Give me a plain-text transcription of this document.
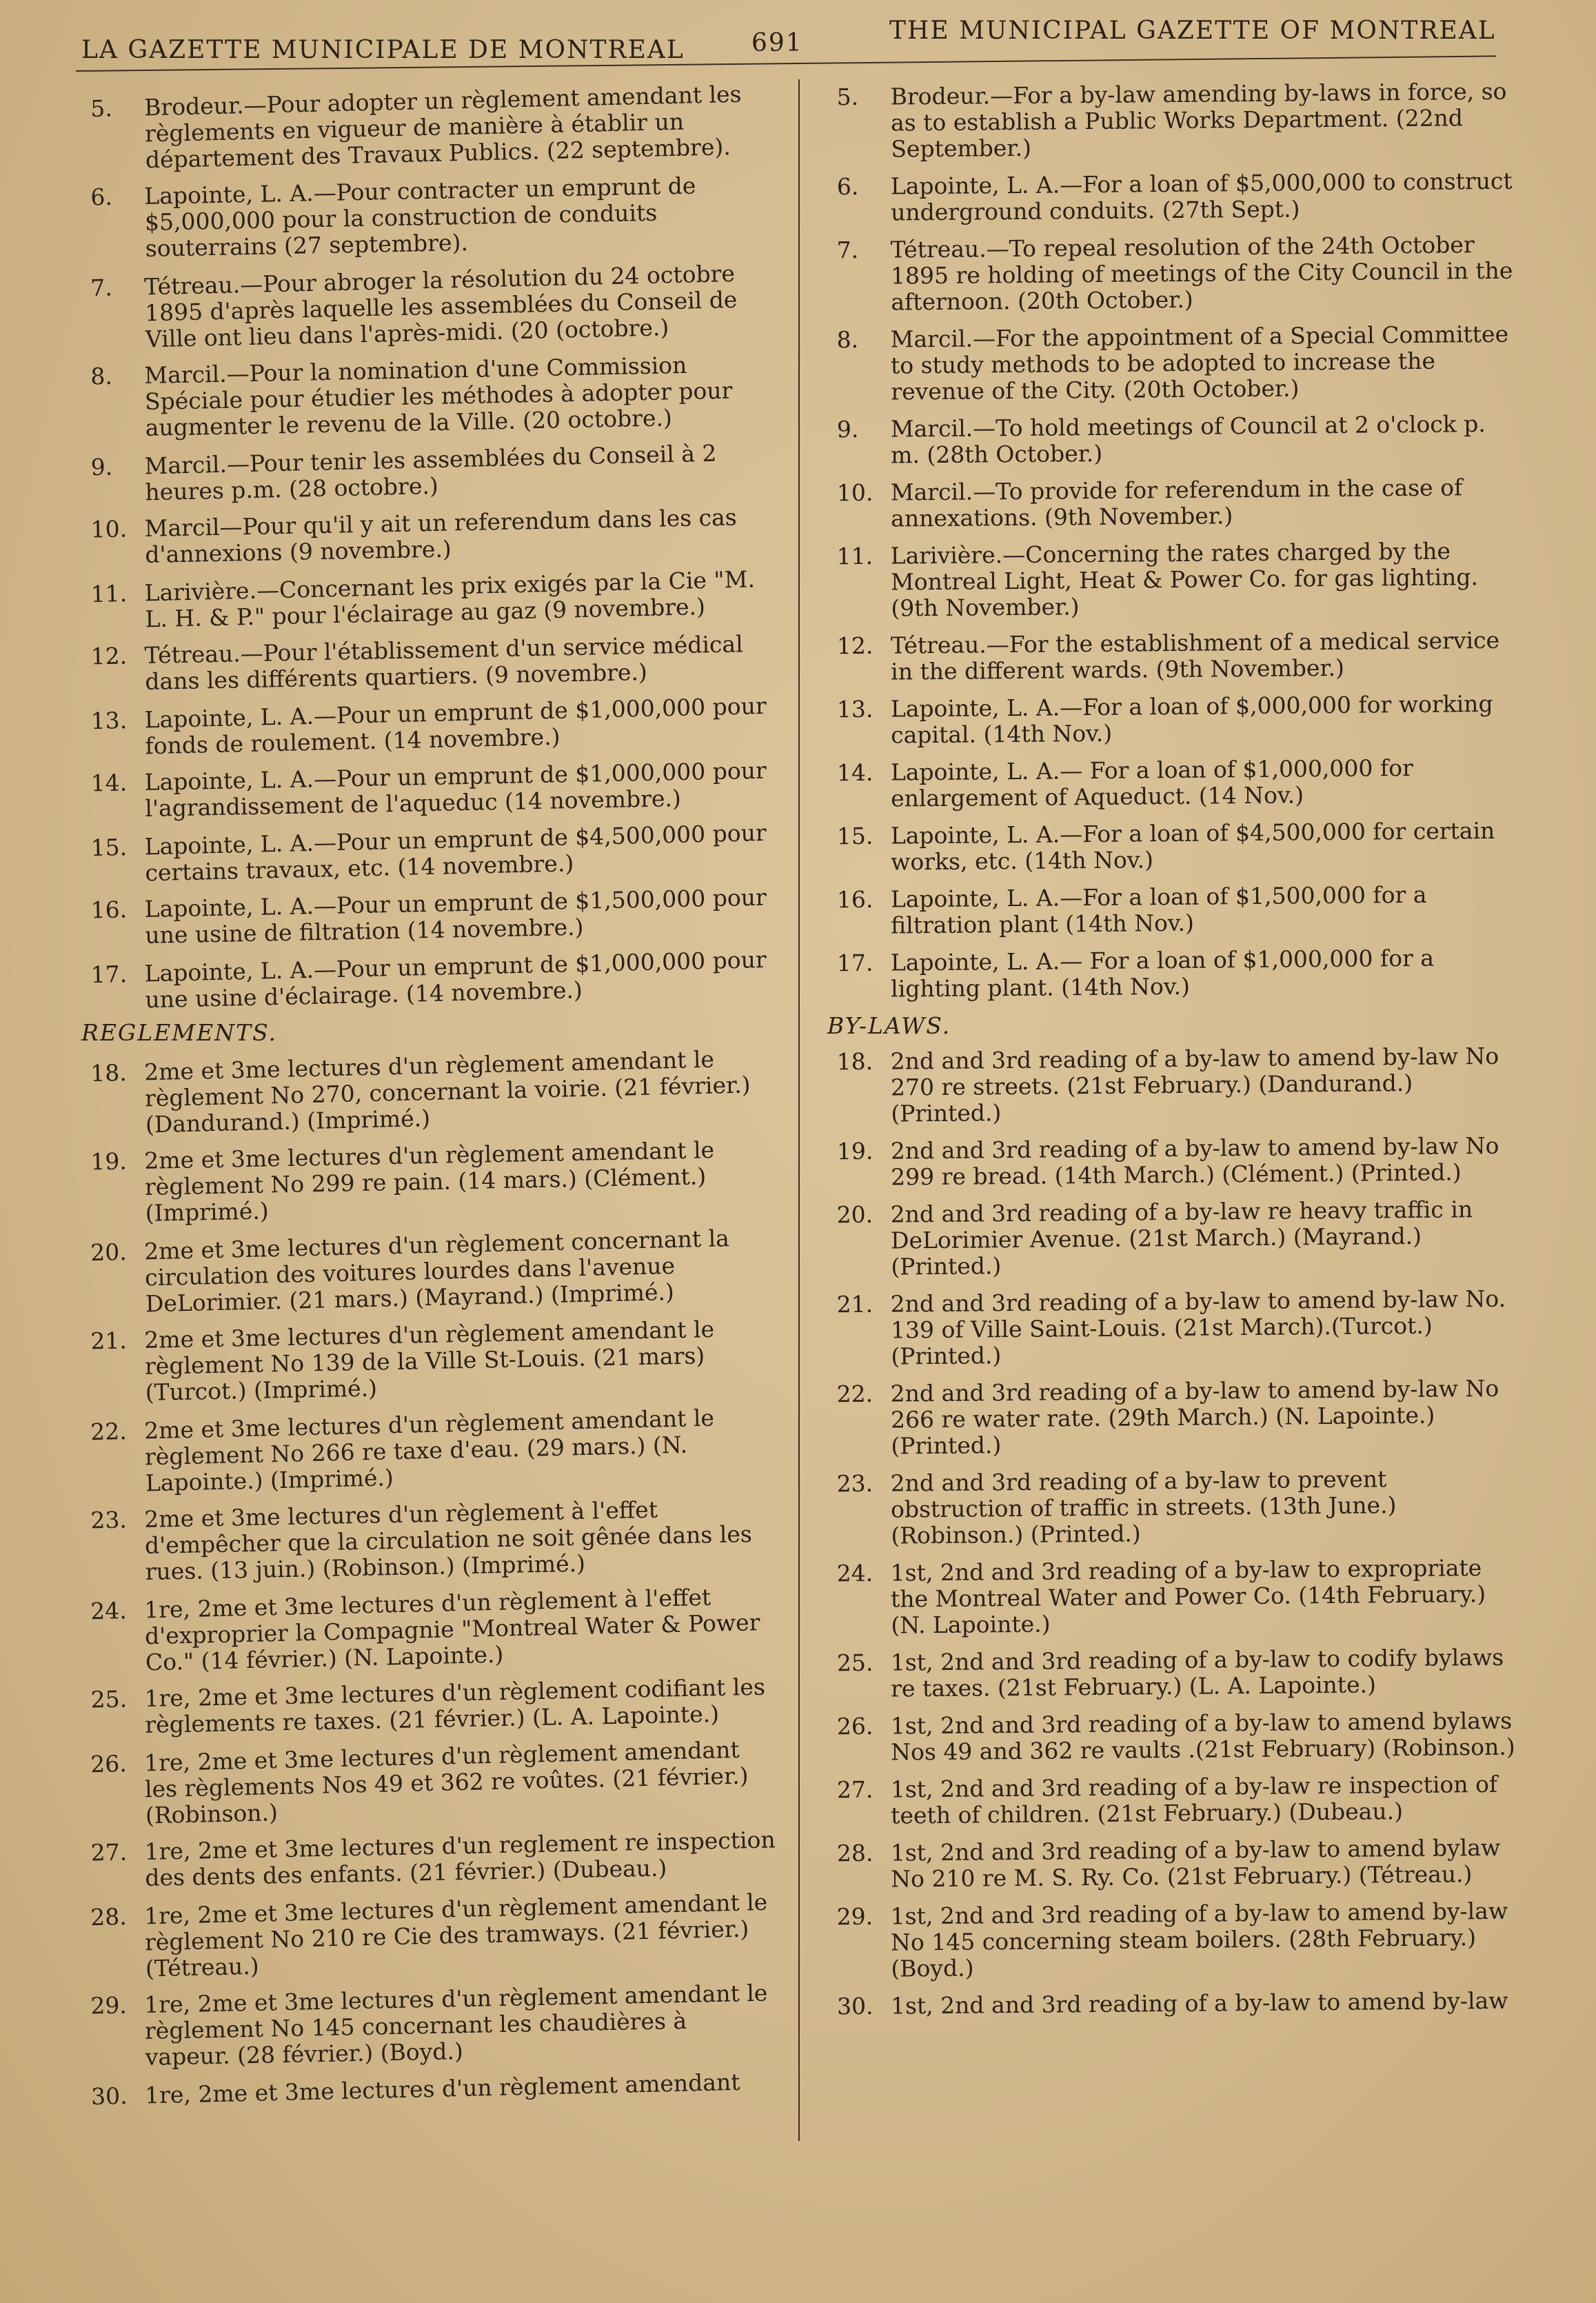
LA GAZETTE MUNICIPALE DE MONTREAL	691	THE MUNICIPAL GAZETTE OF MONTREAL
5. Brodeur.—Pour adopter un règlement amendant les règlements en vigueur de manière à établir un département des Travaux Publics. (22 septembre).
6. Lapointe, L. A.—Pour contracter un emprunt de $5,000,000 pour la construction de conduits souterrains (27 septembre).
7. Tétreau.—Pour abroger la résolution du 24 octobre 1895 d'après laquelle les assemblées du Conseil de Ville ont lieu dans l'après-midi. (20 (octobre.)
8. Marcil.—Pour la nomination d'une Commission Spéciale pour étudier les méthodes à adopter pour augmenter le revenu de la Ville. (20 octobre.)
9. Marcil.—Pour tenir les assemblées du Conseil à 2 heures p.m. (28 octobre.)
10. Marcil—Pour qu'il y ait un referendum dans les cas d'annexions (9 novembre.)
11. Larivière.—Concernant les prix exigés par la Cie "M. L. H. & P." pour l'éclairage au gaz (9 novembre.)
12. Tétreau.—Pour l'établissement d'un service médical dans les différents quartiers. (9 novembre.)
13. Lapointe, L. A.—Pour un emprunt de $1,000,000 pour fonds de roulement. (14 novembre.)
14. Lapointe, L. A.—Pour un emprunt de $1,000,000 pour l'agrandissement de l'aqueduc (14 novembre.)
15. Lapointe, L. A.—Pour un emprunt de $4,500,000 pour certains travaux, etc. (14 novembre.)
16. Lapointe, L. A.—Pour un emprunt de $1,500,000 pour une usine de filtration (14 novembre.)
17. Lapointe, L. A.—Pour un emprunt de $1,000,000 pour une usine d'éclairage. (14 novembre.)
REGLEMENTS.
18. 2me et 3me lectures d'un règlement amendant le règlement No 270, concernant la voirie. (21 février.) (Dandurand.) (Imprimé.)
19. 2me et 3me lectures d'un règlement amendant le règlement No 299 re pain. (14 mars.) (Clément.) (Imprimé.)
20. 2me et 3me lectures d'un règlement concernant la circulation des voitures lourdes dans l'avenue DeLorimier. (21 mars.) (Mayrand.) (Imprimé.)
21. 2me et 3me lectures d'un règlement amendant le règlement No 139 de la Ville St-Louis. (21 mars) (Turcot.) (Imprimé.)
22. 2me et 3me lectures d'un règlement amendant le règlement No 266 re taxe d'eau. (29 mars.) (N. Lapointe.) (Imprimé.)
23. 2me et 3me lectures d'un règlement à l'effet d'empêcher que la circulation ne soit gênée dans les rues. (13 juin.) (Robinson.) (Imprimé.)
24. 1re, 2me et 3me lectures d'un règlement à l'effet d'exproprier la Compagnie "Montreal Water & Power Co." (14 février.) (N. Lapointe.)
25. 1re, 2me et 3me lectures d'un règlement codifiant les règlements re taxes. (21 février.) (L. A. Lapointe.)
26. 1re, 2me et 3me lectures d'un règlement amendant les règlements Nos 49 et 362 re voûtes. (21 février.) (Robinson.)
27. 1re, 2me et 3me lectures d'un reglement re inspection des dents des enfants. (21 février.) (Dubeau.)
28. 1re, 2me et 3me lectures d'un règlement amendant le règlement No 210 re Cie des tramways. (21 février.) (Tétreau.)
29. 1re, 2me et 3me lectures d'un règlement amendant le règlement No 145 concernant les chaudières à vapeur. (28 février.) (Boyd.)
30. 1re, 2me et 3me lectures d'un règlement amendant
5. Brodeur.—For a by-law amending by-laws in force, so as to establish a Public Works Department. (22nd September.)
6. Lapointe, L. A.—For a loan of $5,000,000 to construct underground conduits. (27th Sept.)
7. Tétreau.—To repeal resolution of the 24th October 1895 re holding of meetings of the City Council in the afternoon. (20th October.)
8. Marcil.—For the appointment of a Special Committee to study methods to be adopted to increase the revenue of the City. (20th October.)
9. Marcil.—To hold meetings of Council at 2 o'clock p. m. (28th October.)
10. Marcil.—To provide for referendum in the case of annexations. (9th November.)
11. Larivière.—Concerning the rates charged by the Montreal Light, Heat & Power Co. for gas lighting. (9th November.)
12. Tétreau.—For the establishment of a medical service in the different wards. (9th November.)
13. Lapointe, L. A.—For a loan of $,000,000 for working capital. (14th Nov.)
14. Lapointe, L. A.— For a loan of $1,000,000 for enlargement of Aqueduct. (14 Nov.)
15. Lapointe, L. A.—For a loan of $4,500,000 for certain works, etc. (14th Nov.)
16. Lapointe, L. A.—For a loan of $1,500,000 for a filtration plant (14th Nov.)
17. Lapointe, L. A.— For a loan of $1,000,000 for a lighting plant. (14th Nov.)
BY-LAWS.
18. 2nd and 3rd reading of a by-law to amend by-law No 270 re streets. (21st February.) (Dandurand.) (Printed.)
19. 2nd and 3rd reading of a by-law to amend by-law No 299 re bread. (14th March.) (Clément.) (Printed.)
20. 2nd and 3rd reading of a by-law re heavy traffic in DeLorimier Avenue. (21st March.) (Mayrand.) (Printed.)
21. 2nd and 3rd reading of a by-law to amend by-law No. 139 of Ville Saint-Louis. (21st March).(Turcot.) (Printed.)
22. 2nd and 3rd reading of a by-law to amend by-law No 266 re water rate. (29th March.) (N. Lapointe.) (Printed.)
23. 2nd and 3rd reading of a by-law to prevent obstruction of traffic in streets. (13th June.) (Robinson.) (Printed.)
24. 1st, 2nd and 3rd reading of a by-law to expropriate the Montreal Water and Power Co. (14th February.) (N. Lapointe.)
25. 1st, 2nd and 3rd reading of a by-law to codify bylaws re taxes. (21st February.) (L. A. Lapointe.)
26. 1st, 2nd and 3rd reading of a by-law to amend bylaws Nos 49 and 362 re vaults .(21st February) (Robinson.)
27. 1st, 2nd and 3rd reading of a by-law re inspection of teeth of children. (21st February.) (Dubeau.)
28. 1st, 2nd and 3rd reading of a by-law to amend bylaw No 210 re M. S. Ry. Co. (21st February.) (Tétreau.)
29. 1st, 2nd and 3rd reading of a by-law to amend by-law No 145 concerning steam boilers. (28th February.) (Boyd.)
30. 1st, 2nd and 3rd reading of a by-law to amend by-law
